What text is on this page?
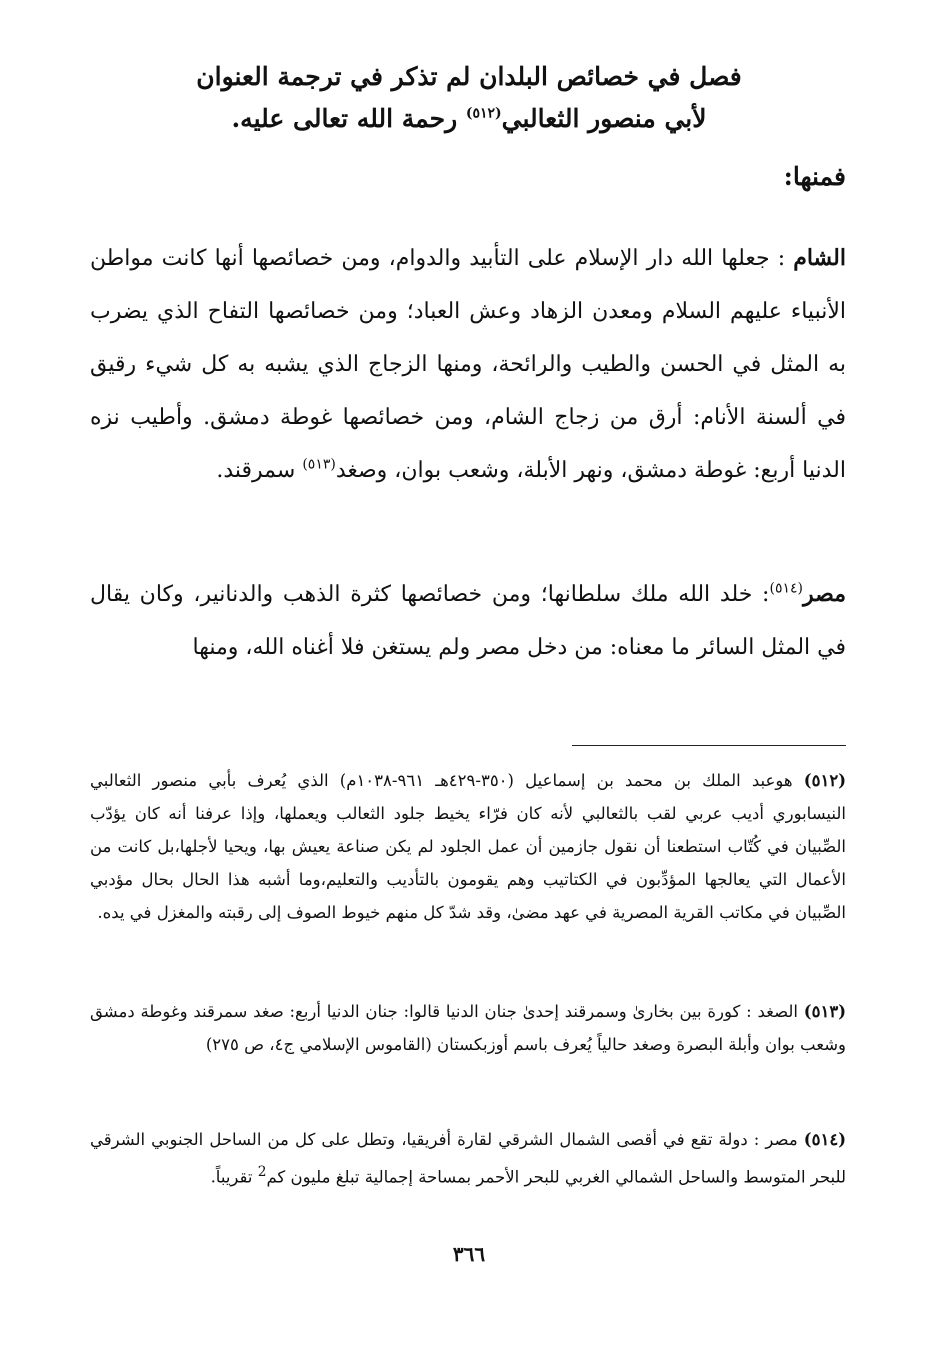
فصل في خصائص البلدان لم تذكر في ترجمة العنوان
لأبي منصور الثعالبي$^{(٥١٢)}$ رحمة الله تعالى عليه.
فمنها:

الشام : جعلها الله دار الإسلام على التأبيد والدوام، ومن خصائصها أنها كانت مواطن الأنبياء عليهم السلام ومعدن الزهاد وعش العباد؛ ومن خصائصها التفاح الذي يضرب به المثل في الحسن والطيب والرائحة، ومنها الزجاج الذي يشبه به كل شيء رقيق في ألسنة الأنام: أرق من زجاج الشام، ومن خصائصها غوطة دمشق. وأطيب نزه الدنيا أربع: غوطة دمشق، ونهر الأبلة، وشعب بوان، وصغد$^{(٥١٣)}$ سمرقند.

مصر$^{(٥١٤)}$: خلد الله ملك سلطانها؛ ومن خصائصها كثرة الذهب والدنانير، وكان يقال في المثل السائر ما معناه: من دخل مصر ولم يستغن فلا أغناه الله، ومنها

(٥١٢) هوعبد الملك بن محمد بن إسماعيل (٣٥٠-٤٢٩هـ ٩٦١-١٠٣٨م) الذي يُعرف بأبي منصور الثعالبي النيسابوري أديب عربي لقب بالثعالبي لأنه كان فرّاء يخيط جلود الثعالب ويعملها، وإذا عرفنا أنه كان يؤدّب الصِّبيان في كُتّاب استطعنا أن نقول جازمين أن عمل الجلود لم يكن صناعة يعيش بها، ويحيا لأجلها،بل كانت من الأعمال التي يعالجها المؤدِّبون في الكتاتيب وهم يقومون بالتأديب والتعليم،وما أشبه هذا الحال بحال مؤدبي الصِّبيان في مكاتب القرية المصرية في عهد مضىٰ، وقد شدّ كل منهم خيوط الصوف إلى رقبته والمغزل في يده.

(٥١٣) الصغد : كورة بين بخارىٰ وسمرقند إحدىٰ جنان الدنيا قالوا: جنان الدنيا أربع: صغد سمرقند وغوطة دمشق وشعب بوان وأبلة البصرة وصغد حالياً يُعرف باسم أوزبكستان (القاموس الإسلامي ج٤، ص ٢٧٥)

(٥١٤) مصر : دولة تقع في أقصى الشمال الشرقي لقارة أفريقيا، وتطل على كل من الساحل الجنوبي الشرقي للبحر المتوسط والساحل الشمالي الغربي للبحر الأحمر بمساحة إجمالية تبلغ مليون كم$^2$ تقريباً.

٣٦٦
